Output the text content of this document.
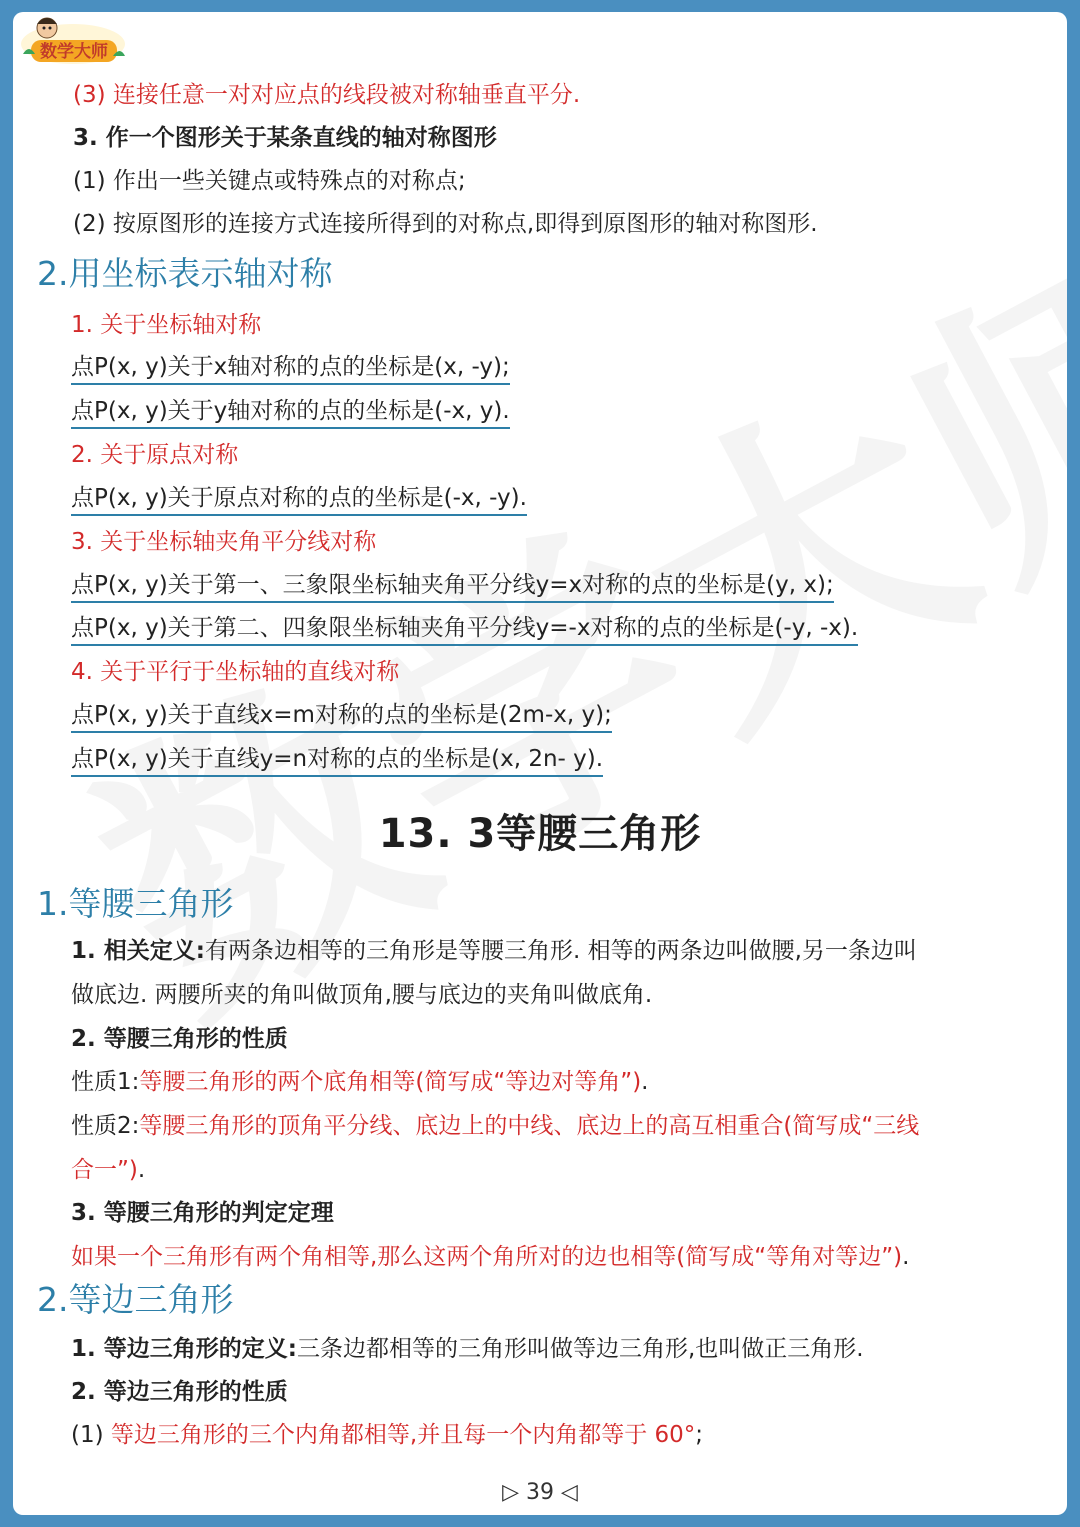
数学大师
(3) 连接任意一对对应点的线段被对称轴垂直平分.
3. 作一个图形关于某条直线的轴对称图形
(1) 作出一些关键点或特殊点的对称点;
(2) 按原图形的连接方式连接所得到的对称点,即得到原图形的轴对称图形.
2.用坐标表示轴对称
1. 关于坐标轴对称
点P(x, y)关于x轴对称的点的坐标是(x, -y);
点P(x, y)关于y轴对称的点的坐标是(-x, y).
2. 关于原点对称
点P(x, y)关于原点对称的点的坐标是(-x, -y).
3. 关于坐标轴夹角平分线对称
点P(x, y)关于第一、三象限坐标轴夹角平分线y=x对称的点的坐标是(y, x);
点P(x, y)关于第二、四象限坐标轴夹角平分线y=-x对称的点的坐标是(-y, -x).
4. 关于平行于坐标轴的直线对称
点P(x, y)关于直线x=m对称的点的坐标是(2m-x, y);
点P(x, y)关于直线y=n对称的点的坐标是(x, 2n- y).
13. 3等腰三角形
1.等腰三角形
1. 相关定义:有两条边相等的三角形是等腰三角形. 相等的两条边叫做腰,另一条边叫
做底边. 两腰所夹的角叫做顶角,腰与底边的夹角叫做底角.
2. 等腰三角形的性质
性质1:等腰三角形的两个底角相等(简写成“等边对等角”).
性质2:等腰三角形的顶角平分线、底边上的中线、底边上的高互相重合(简写成“三线
合一”).
3. 等腰三角形的判定定理
如果一个三角形有两个角相等,那么这两个角所对的边也相等(简写成“等角对等边”).
2.等边三角形
1. 等边三角形的定义:三条边都相等的三角形叫做等边三角形,也叫做正三角形.
2. 等边三角形的性质
(1) 等边三角形的三个内角都相等,并且每一个内角都等于 60°;
▷ 39 ◁
